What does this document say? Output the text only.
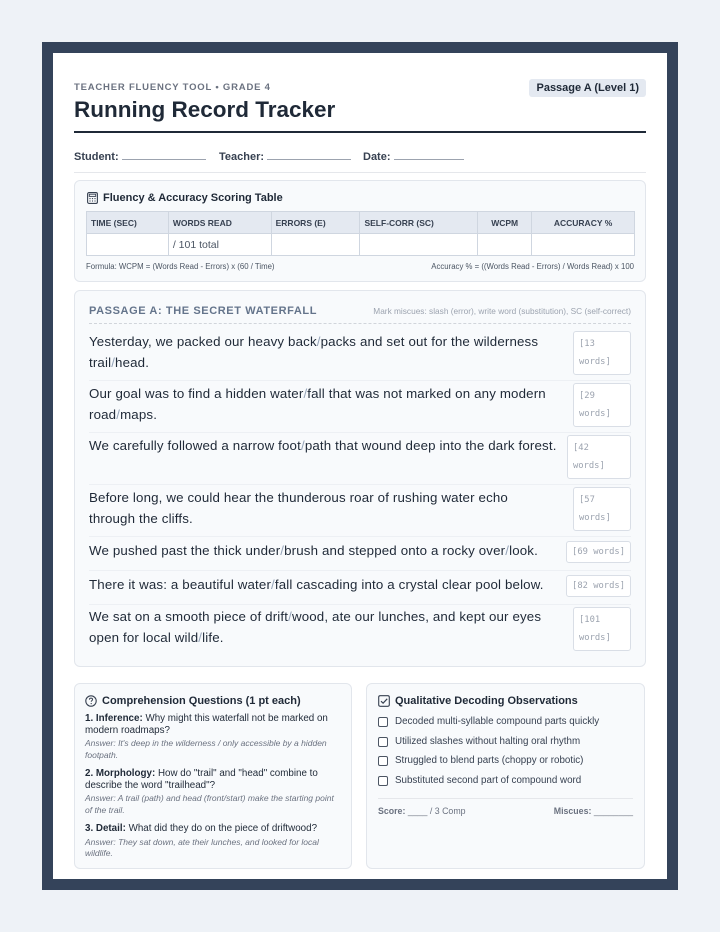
TEACHER FLUENCY TOOL • GRADE 4	Passage A (Level 1)
Running Record Tracker
Student:	Teacher:	Date:
Fluency & Accuracy Scoring Table
TIME (SEC)	WORDS READ	ERRORS (E)	SELF-CORR (SC)	WCPM	ACCURACY %
	/ 101 total				
Formula: WCPM = (Words Read - Errors) x (60 / Time)	Accuracy % = ((Words Read - Errors) / Words Read) x 100
PASSAGE A: THE SECRET WATERFALL	Mark miscues: slash (error), write word (substitution), SC (self-correct)
Yesterday, we packed our heavy back/packs and set out for the wilderness trail/head.
[13 words]
Our goal was to find a hidden water/fall that was not marked on any modern road/maps.
[29 words]
We carefully followed a narrow foot/path that wound deep into the dark forest.	[42 words]
Before long, we could hear the thunderous roar of rushing water echo through the cliffs.
[57 words]
We pushed past the thick under/brush and stepped onto a rocky over/look.	[69 words]
There it was: a beautiful water/fall cascading into a crystal clear pool below.	[82 words]
We sat on a smooth piece of drift/wood, ate our lunches, and kept our eyes open for local wild/life.
[101 words]
Comprehension Questions (1 pt each)
1. Inference: Why might this waterfall not be marked on modern roadmaps?
Answer: It's deep in the wilderness / only accessible by a hidden footpath.
2. Morphology: How do "trail" and "head" combine to describe the word "trailhead"?
Answer: A trail (path) and head (front/start) make the starting point of the trail.
3. Detail: What did they do on the piece of driftwood?
Answer: They sat down, ate their lunches, and looked for local wildlife.
Qualitative Decoding Observations
Decoded multi-syllable compound parts quickly
Utilized slashes without halting oral rhythm
Struggled to blend parts (choppy or robotic)
Substituted second part of compound word
Score: ____ / 3 Comp	Miscues: ________
